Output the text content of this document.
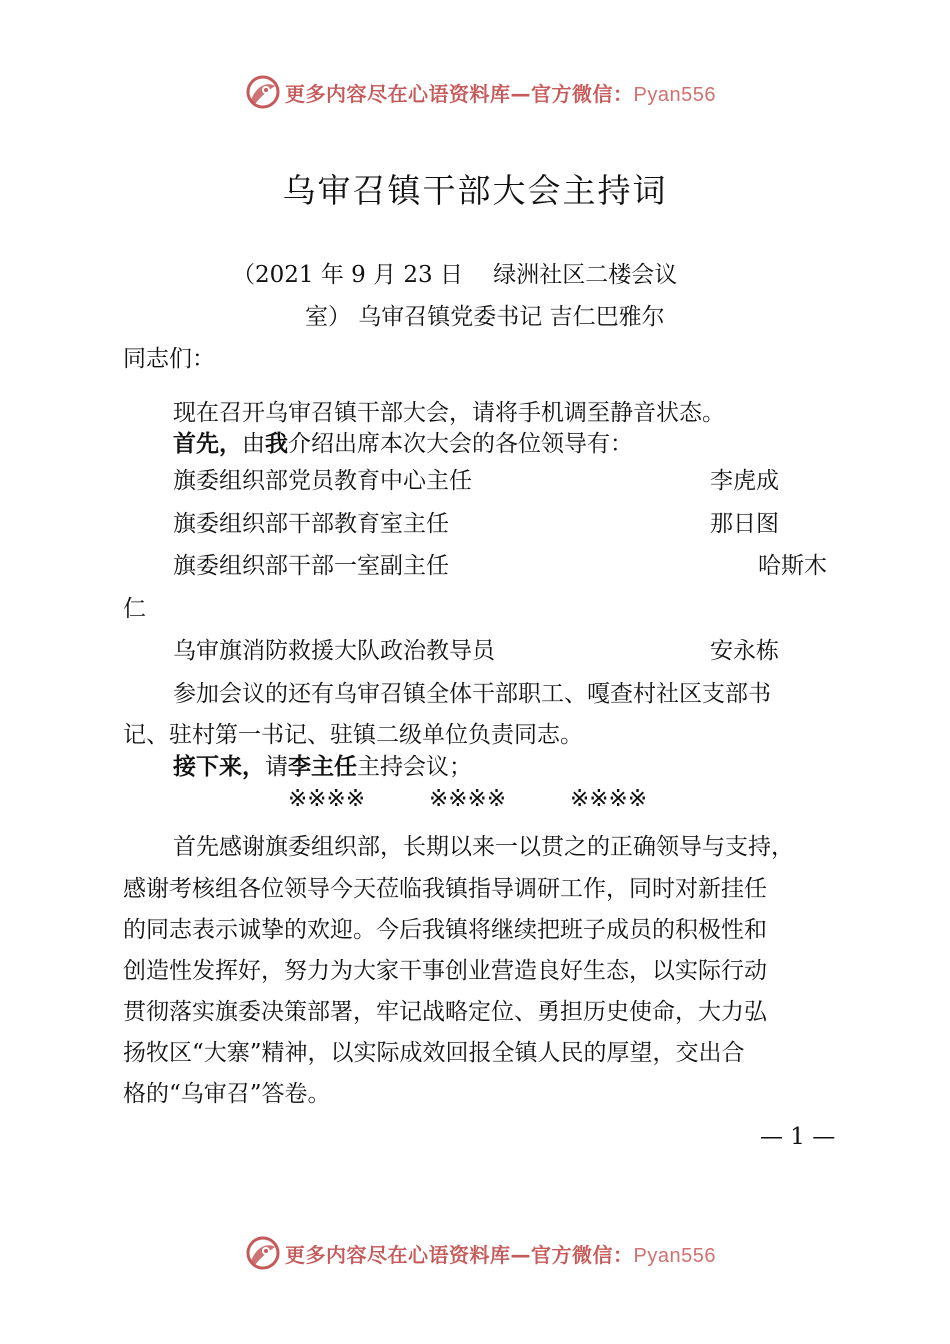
更多内容尽在心语资料库—官方微信：Pyan556
乌审召镇干部大会主持词
（2021 年 9 月 23 日　 绿洲社区二楼会议
室） 乌审召镇党委书记 吉仁巴雅尔
同志们：
现在召开乌审召镇干部大会，请将手机调至静音状态。
首先，由我介绍出席本次大会的各位领导有：
旗委组织部党员教育中心主任	李虎成
旗委组织部干部教育室主任	那日图
旗委组织部干部一室副主任	哈斯木
仁
乌审旗消防救援大队政治教导员	安永栋
参加会议的还有乌审召镇全体干部职工、嘎查村社区支部书
记、驻村第一书记、驻镇二级单位负责同志。
接下来，请李主任主持会议；
※※※※	※※※※	※※※※
首先感谢旗委组织部，长期以来一以贯之的正确领导与支持，
感谢考核组各位领导今天莅临我镇指导调研工作，同时对新挂任
的同志表示诚挚的欢迎。今后我镇将继续把班子成员的积极性和
创造性发挥好，努力为大家干事创业营造良好生态，以实际行动
贯彻落实旗委决策部署，牢记战略定位、勇担历史使命，大力弘
扬牧区“大寨”精神，以实际成效回报全镇人民的厚望，交出合
格的“乌审召”答卷。
— 1 —
更多内容尽在心语资料库—官方微信：Pyan556
